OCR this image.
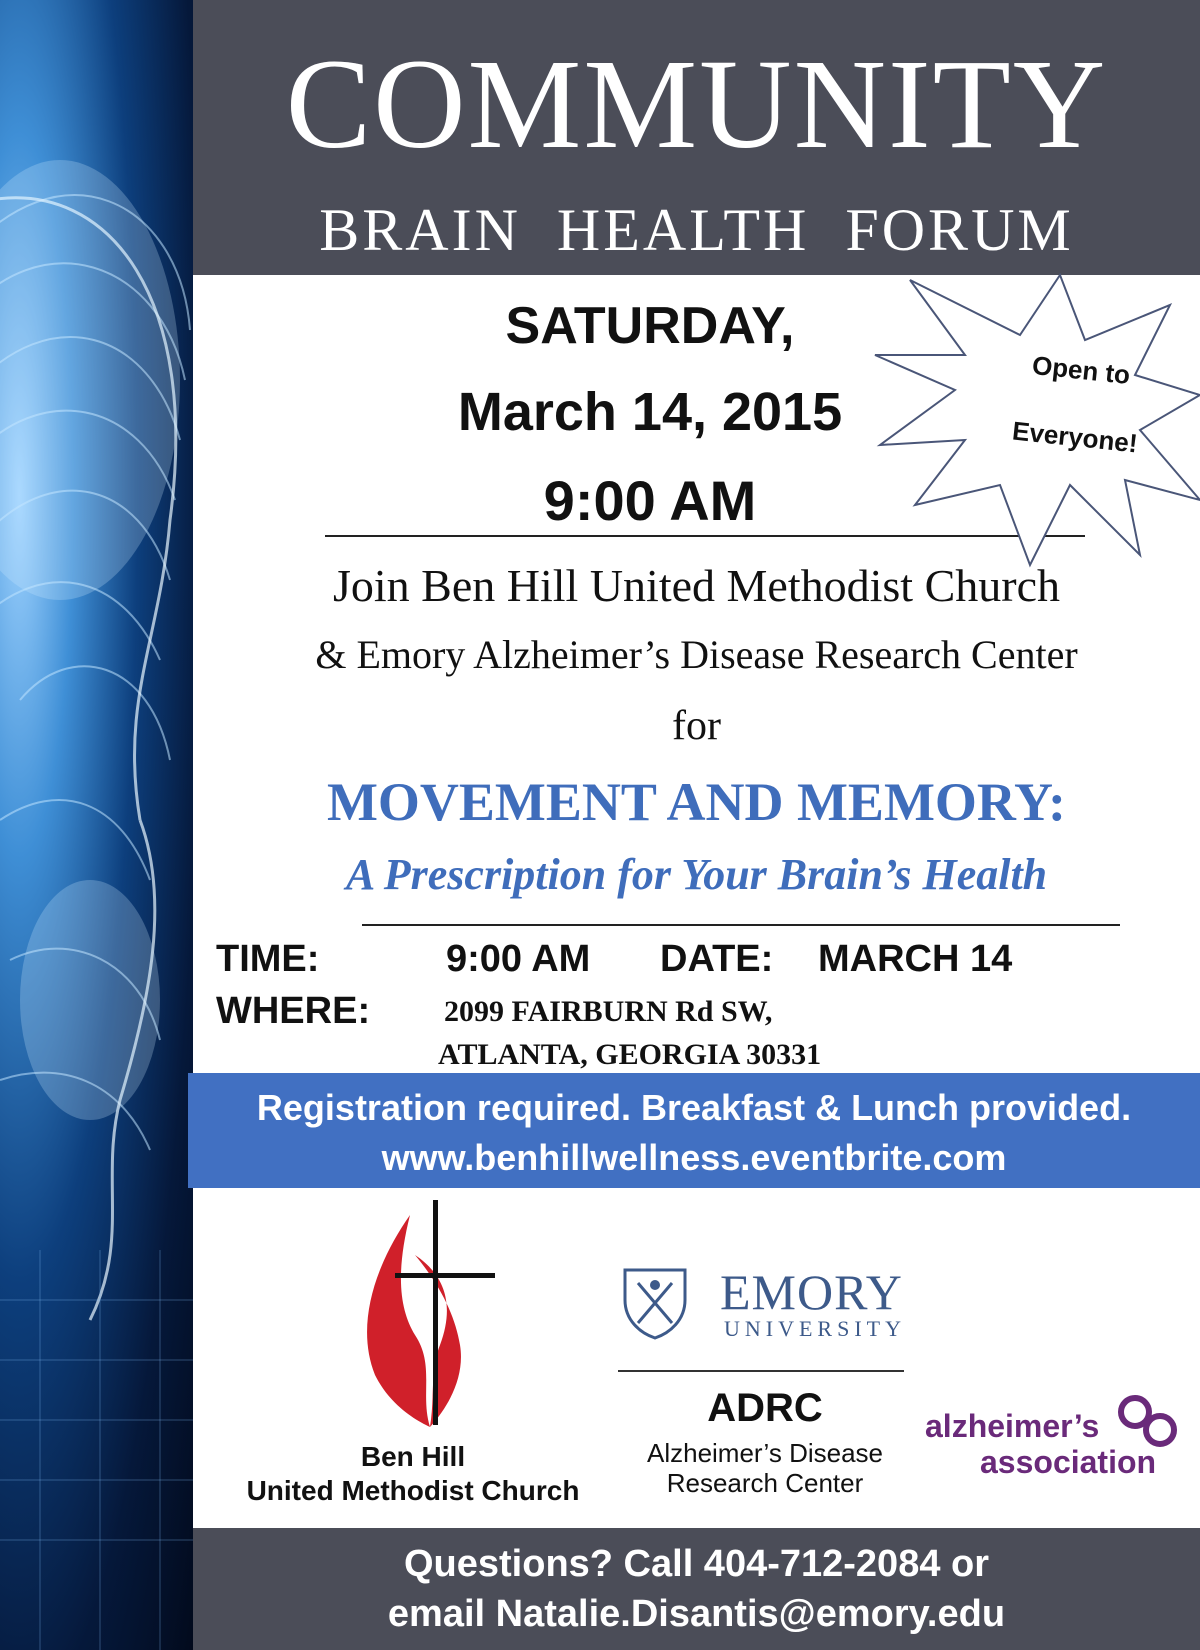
COMMUNITY
BRAIN HEALTH FORUM
SATURDAY,
March 14, 2015
9:00 AM
Open to
Everyone!
Join Ben Hill United Methodist Church
& Emory Alzheimer’s Disease Research Center
for
MOVEMENT AND MEMORY:
A Prescription for Your Brain’s Health
TIME:	9:00 AM DATE: MARCH 14
WHERE: 2099 FAIRBURN Rd SW,
ATLANTA, GEORGIA 30331
Registration required. Breakfast & Lunch provided.
www.benhillwellness.eventbrite.com
Ben Hill
United Methodist Church
EMORY
UNIVERSITY
ADRC
Alzheimer’s Disease
Research Center
alzheimer’s
association
Questions? Call 404-712-2084 or
email Natalie.Disantis@emory.edu
